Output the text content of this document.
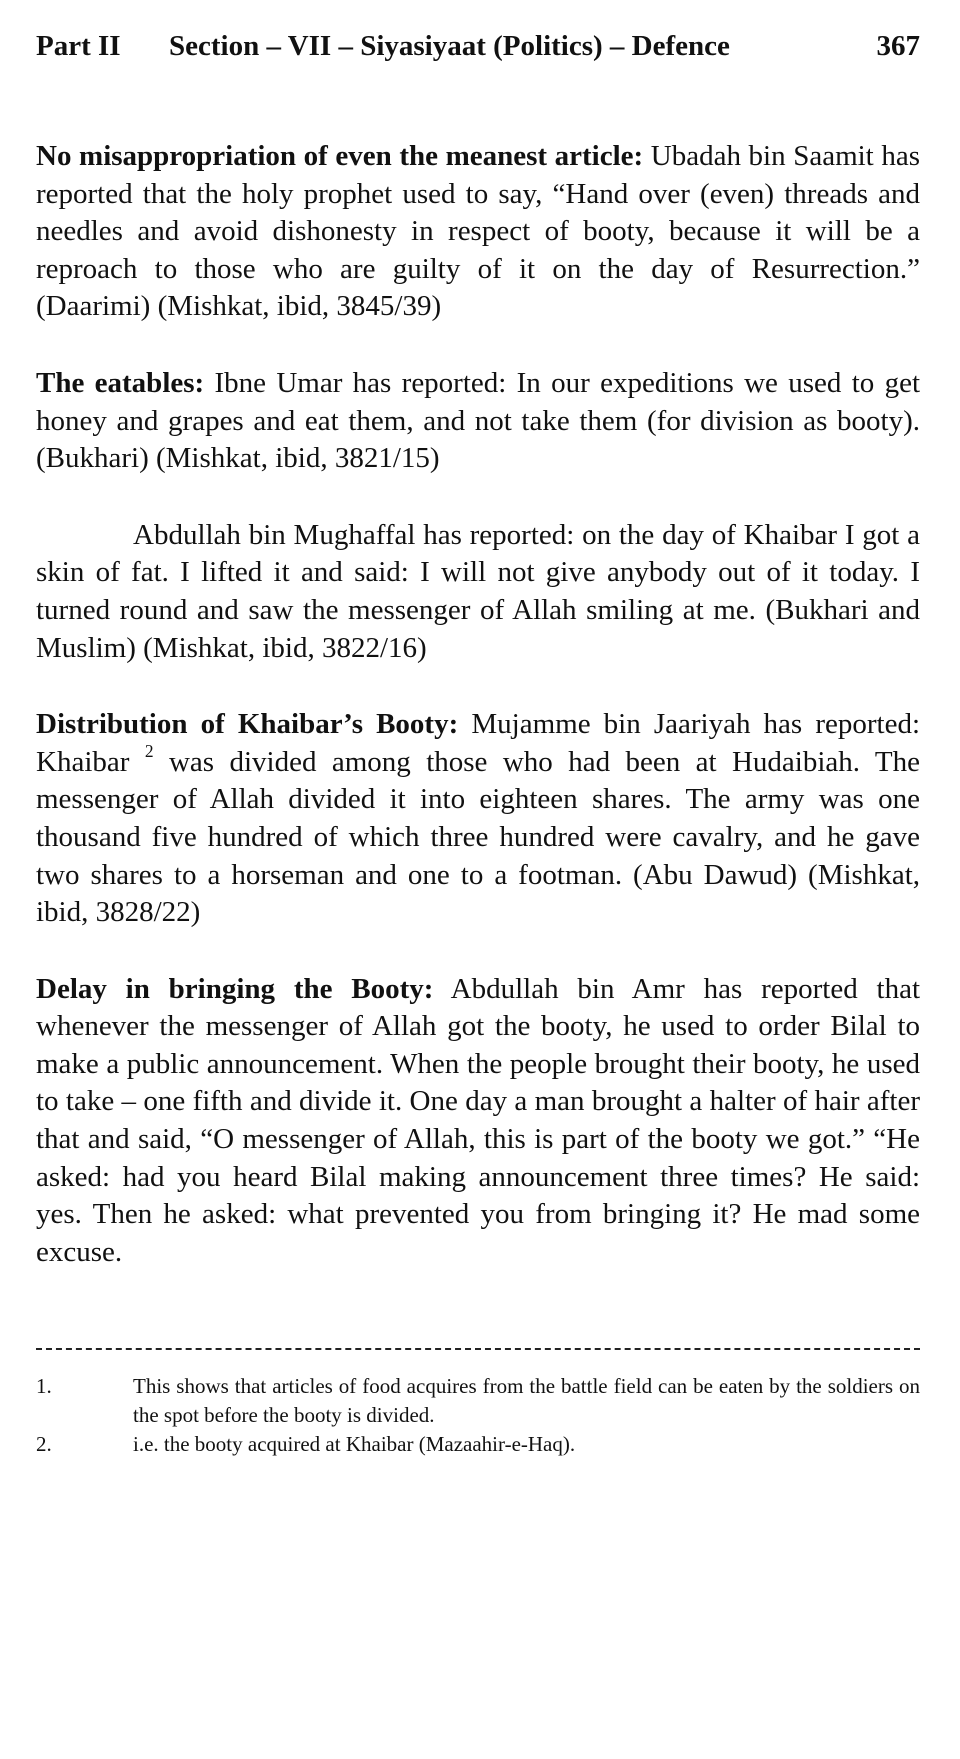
Part II Section – VII – Siyasiyaat (Politics) – Defence	367

No misappropriation of even the meanest article: Ubadah bin Saamit has reported that the holy prophet used to say, “Hand over (even) threads and needles and avoid dishonesty in respect of booty, because it will be a reproach to those who are guilty of it on the day of Resurrection.” (Daarimi) (Mishkat, ibid, 3845/39)

The eatables: Ibne Umar has reported: In our expeditions we used to get honey and grapes and eat them, and not take them (for division as booty). (Bukhari) (Mishkat, ibid, 3821/15)

Abdullah bin Mughaffal has reported: on the day of Khaibar I got a skin of fat. I lifted it and said: I will not give anybody out of it today. I turned round and saw the messenger of Allah smiling at me. (Bukhari and Muslim) (Mishkat, ibid, 3822/16)

Distribution of Khaibar’s Booty: Mujamme bin Jaariyah has reported: Khaibar $^2$ was divided among those who had been at Hudaibiah. The messenger of Allah divided it into eighteen shares. The army was one thousand five hundred of which three hundred were cavalry, and he gave two shares to a horseman and one to a footman. (Abu Dawud) (Mishkat, ibid, 3828/22)

Delay in bringing the Booty: Abdullah bin Amr has reported that whenever the messenger of Allah got the booty, he used to order Bilal to make a public announcement. When the people brought their booty, he used to take – one fifth and divide it. One day a man brought a halter of hair after that and said, “O messenger of Allah, this is part of the booty we got.” “He asked: had you heard Bilal making announcement three times? He said: yes. Then he asked: what prevented you from bringing it? He mad some excuse.

1.	This shows that articles of food acquires from the battle field can be eaten by the soldiers on the spot before the booty is divided.
2.	i.e. the booty acquired at Khaibar (Mazaahir-e-Haq).
